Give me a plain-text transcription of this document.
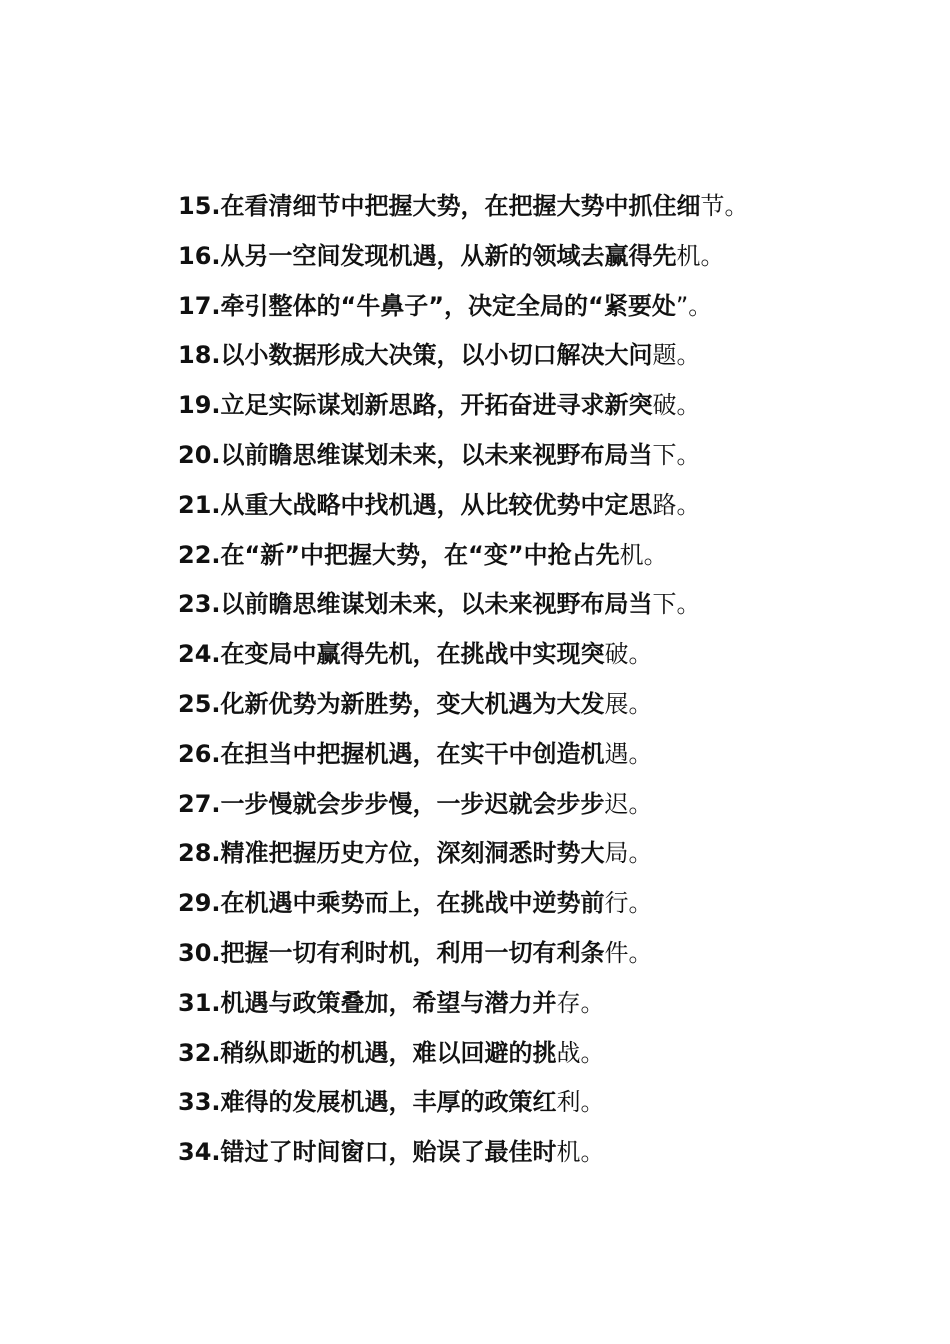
15.在看清细节中把握大势，在把握大势中抓住细节。
16.从另一空间发现机遇，从新的领域去赢得先机。
17.牵引整体的“牛鼻子”，决定全局的“紧要处”。
18.以小数据形成大决策，以小切口解决大问题。
19.立足实际谋划新思路，开拓奋进寻求新突破。
20.以前瞻思维谋划未来，以未来视野布局当下。
21.从重大战略中找机遇，从比较优势中定思路。
22.在“新”中把握大势，在“变”中抢占先机。
23.以前瞻思维谋划未来，以未来视野布局当下。
24.在变局中赢得先机，在挑战中实现突破。
25.化新优势为新胜势，变大机遇为大发展。
26.在担当中把握机遇，在实干中创造机遇。
27.一步慢就会步步慢，一步迟就会步步迟。
28.精准把握历史方位，深刻洞悉时势大局。
29.在机遇中乘势而上，在挑战中逆势前行。
30.把握一切有利时机，利用一切有利条件。
31.机遇与政策叠加，希望与潜力并存。
32.稍纵即逝的机遇，难以回避的挑战。
33.难得的发展机遇，丰厚的政策红利。
34.错过了时间窗口，贻误了最佳时机。
